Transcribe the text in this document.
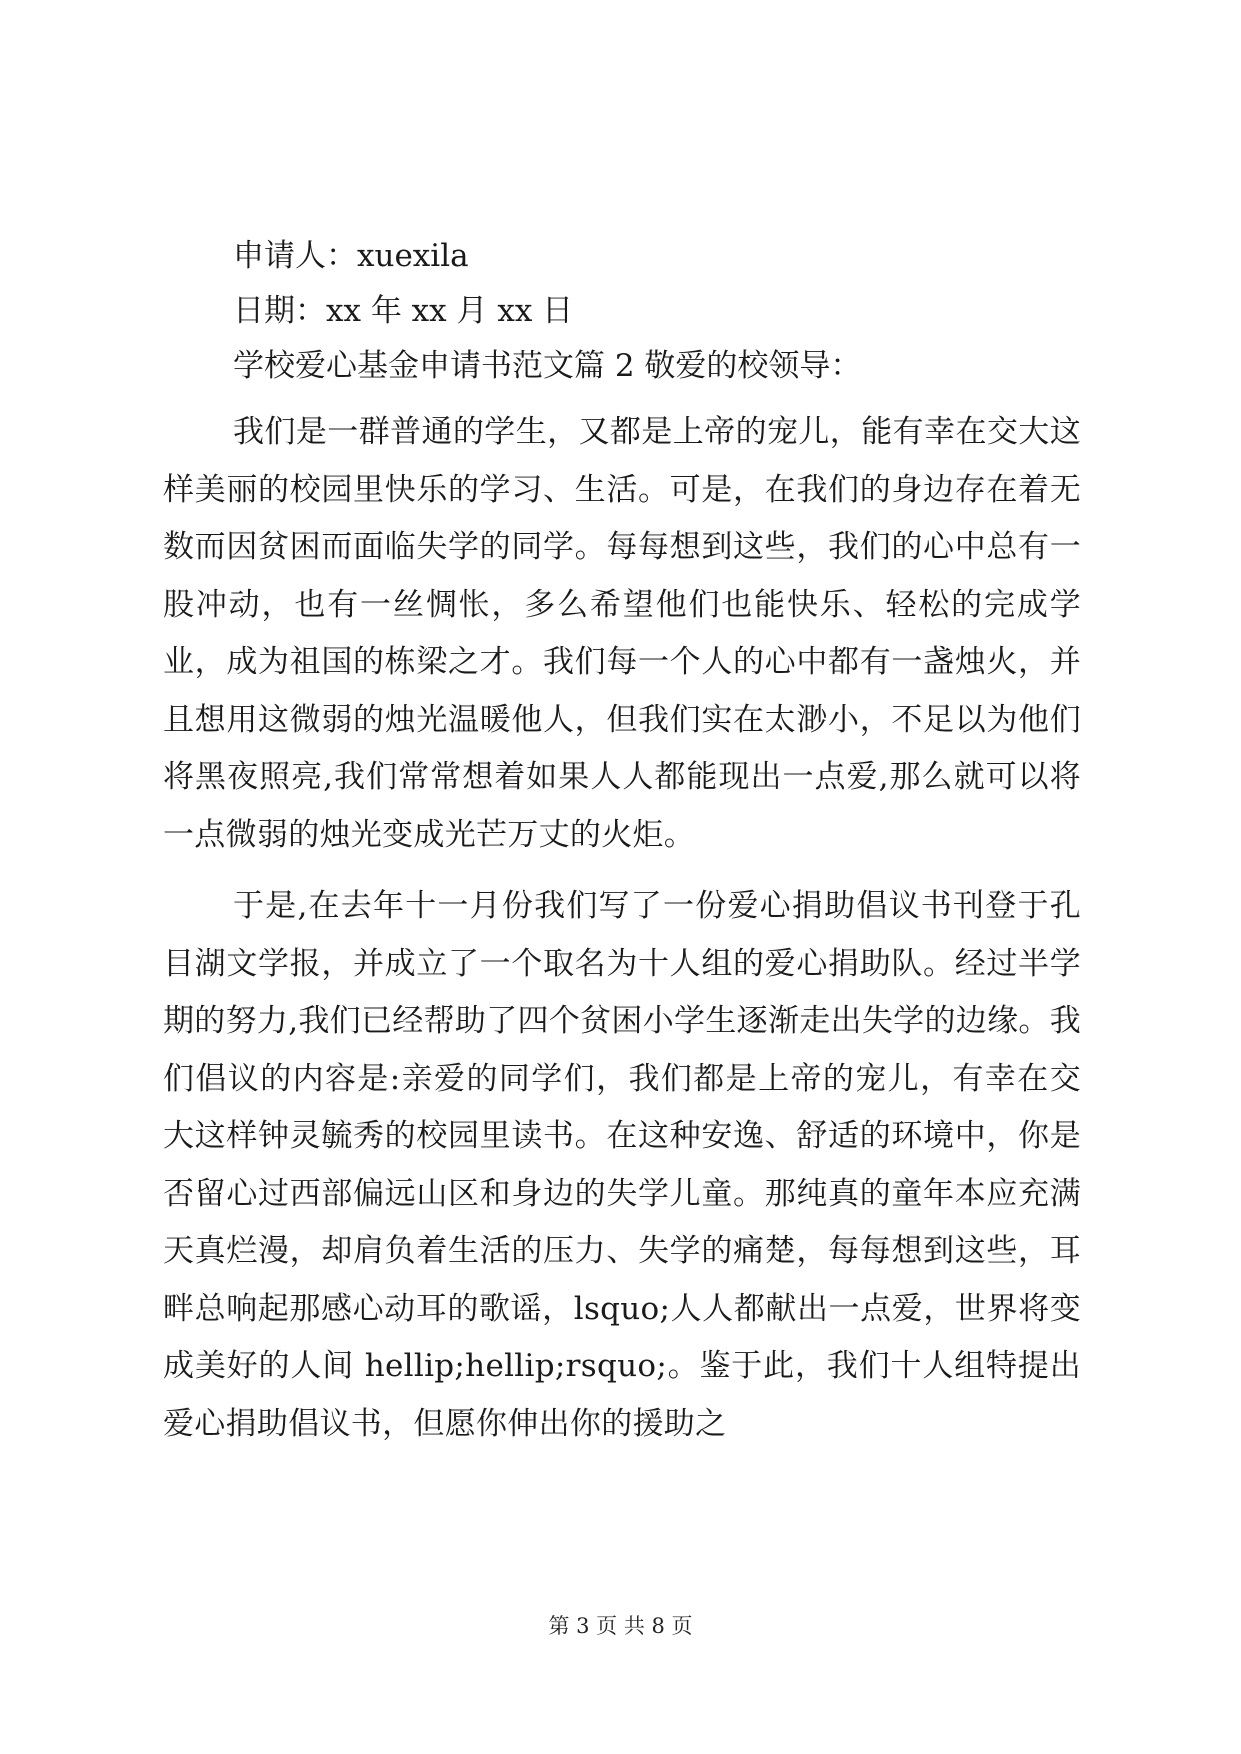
申请人：xuexila

日期：xx 年 xx 月 xx 日

学校爱心基金申请书范文篇 2 敬爱的校领导：

我们是一群普通的学生，又都是上帝的宠儿，能有幸在交大这样美丽的校园里快乐的学习、生活。可是，在我们的身边存在着无数而因贫困而面临失学的同学。每每想到这些，我们的心中总有一股冲动，也有一丝惆怅，多么希望他们也能快乐、轻松的完成学业，成为祖国的栋梁之才。我们每一个人的心中都有一盏烛火，并且想用这微弱的烛光温暖他人，但我们实在太渺小，不足以为他们将黑夜照亮,我们常常想着如果人人都能现出一点爱,那么就可以将一点微弱的烛光变成光芒万丈的火炬。

于是,在去年十一月份我们写了一份爱心捐助倡议书刊登于孔目湖文学报，并成立了一个取名为十人组的爱心捐助队。经过半学期的努力,我们已经帮助了四个贫困小学生逐渐走出失学的边缘。我们倡议的内容是:亲爱的同学们，我们都是上帝的宠儿，有幸在交大这样钟灵毓秀的校园里读书。在这种安逸、舒适的环境中，你是否留心过西部偏远山区和身边的失学儿童。那纯真的童年本应充满天真烂漫，却肩负着生活的压力、失学的痛楚，每每想到这些，耳畔总响起那感心动耳的歌谣，lsquo;人人都献出一点爱，世界将变成美好的人间 hellip;hellip;rsquo;。鉴于此，我们十人组特提出爱心捐助倡议书，但愿你伸出你的援助之

第 3 页 共 8 页
